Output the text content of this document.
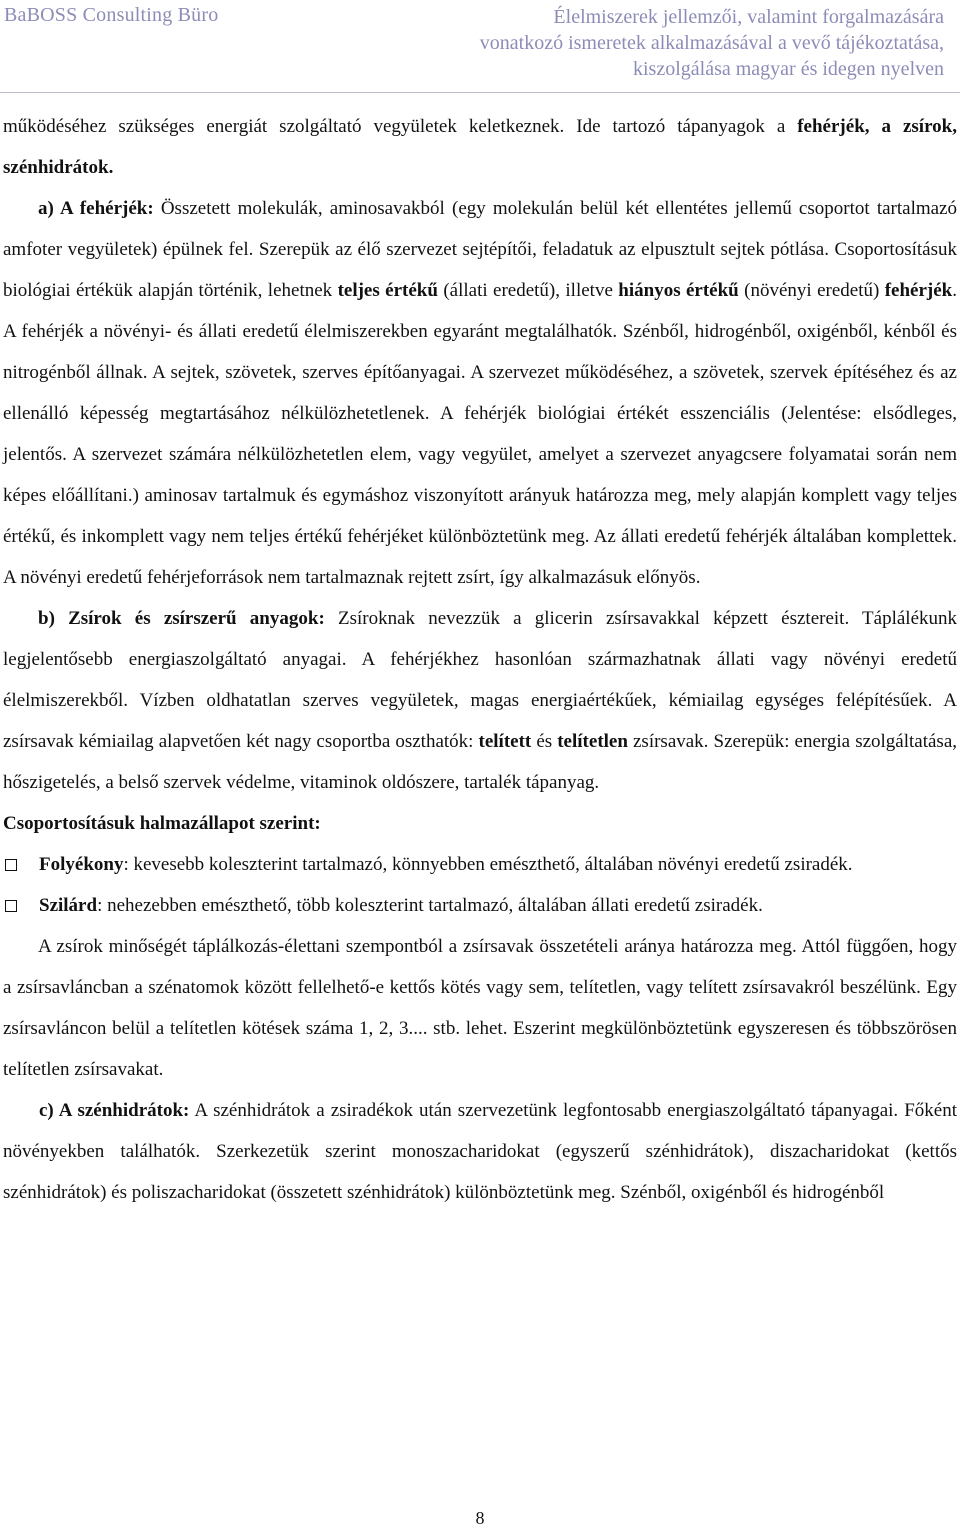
BaBOSS Consulting Büro	Élelmiszerek jellemzői, valamint forgalmazására
vonatkozó ismeretek alkalmazásával a vevő tájékoztatása,
kiszolgálása magyar és idegen nyelven

működéséhez szükséges energiát szolgáltató vegyületek keletkeznek. Ide tartozó tápanyagok a fehérjék, a zsírok, szénhidrátok.

a) A fehérjék: Összetett molekulák, aminosavakból (egy molekulán belül két ellentétes jellemű csoportot tartalmazó amfoter vegyületek) épülnek fel. Szerepük az élő szervezet sejtépítői, feladatuk az elpusztult sejtek pótlása. Csoportosításuk biológiai értékük alapján történik, lehetnek teljes értékű (állati eredetű), illetve hiányos értékű (növényi eredetű) fehérjék. A fehérjék a növényi- és állati eredetű élelmiszerekben egyaránt megtalálhatók. Szénből, hidrogénből, oxigénből, kénből és nitrogénből állnak. A sejtek, szövetek, szerves építőanyagai. A szervezet működéséhez, a szövetek, szervek építéséhez és az ellenálló képesség megtartásához nélkülözhetetlenek. A fehérjék biológiai értékét esszenciális (Jelentése: elsődleges, jelentős. A szervezet számára nélkülözhetetlen elem, vagy vegyület, amelyet a szervezet anyagcsere folyamatai során nem képes előállítani.) aminosav tartalmuk és egymáshoz viszonyított arányuk határozza meg, mely alapján komplett vagy teljes értékű, és inkomplett vagy nem teljes értékű fehérjéket különböztetünk meg. Az állati eredetű fehérjék általában komplettek. A növényi eredetű fehérjeforrások nem tartalmaznak rejtett zsírt, így alkalmazásuk előnyös.

b) Zsírok és zsírszerű anyagok: Zsíroknak nevezzük a glicerin zsírsavakkal képzett észtereit. Táplálékunk legjelentősebb energiaszolgáltató anyagai. A fehérjékhez hasonlóan származhatnak állati vagy növényi eredetű élelmiszerekből. Vízben oldhatatlan szerves vegyületek, magas energiaértékűek, kémiailag egységes felépítésűek. A zsírsavak kémiailag alapvetően két nagy csoportba oszthatók: telített és telítetlen zsírsavak. Szerepük: energia szolgáltatása, hőszigetelés, a belső szervek védelme, vitaminok oldószere, tartalék tápanyag.

Csoportosításuk halmazállapot szerint:

Folyékony: kevesebb koleszterint tartalmazó, könnyebben emészthető, általában növényi eredetű zsiradék.
Szilárd: nehezebben emészthető, több koleszterint tartalmazó, általában állati eredetű zsiradék.

A zsírok minőségét táplálkozás-élettani szempontból a zsírsavak összetételi aránya határozza meg. Attól függően, hogy a zsírsavláncban a szénatomok között fellelhető-e kettős kötés vagy sem, telítetlen, vagy telített zsírsavakról beszélünk. Egy zsírsavláncon belül a telítetlen kötések száma 1, 2, 3.... stb. lehet. Eszerint megkülönböztetünk egyszeresen és többszörösen telítetlen zsírsavakat.

c) A szénhidrátok: A szénhidrátok a zsiradékok után szervezetünk legfontosabb energiaszolgáltató tápanyagai. Főként növényekben találhatók. Szerkezetük szerint monoszacharidokat (egyszerű szénhidrátok), diszacharidokat (kettős szénhidrátok) és poliszacharidokat (összetett szénhidrátok) különböztetünk meg. Szénből, oxigénből és hidrogénből

8
